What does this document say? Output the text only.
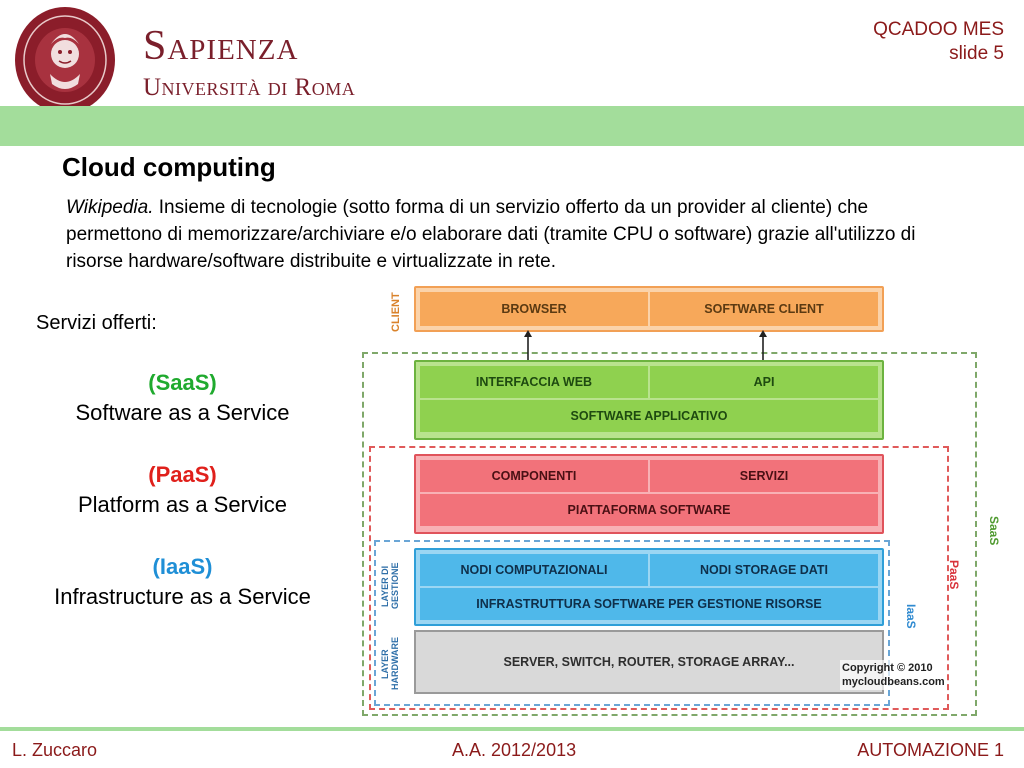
Sapienza
Università di Roma
QCADOO MES
slide 5
Cloud computing
Wikipedia. Insieme di tecnologie (sotto forma di un servizio offerto da un provider al cliente) che permettono di memorizzare/archiviare e/o elaborare dati (tramite CPU o software) grazie all'utilizzo di risorse hardware/software distribuite e virtualizzate in rete.
Servizi offerti:
(SaaS)
Software as a Service
(PaaS)
Platform as a Service
(IaaS)
Infrastructure as a Service
CLIENT	BROWSER	SOFTWARE CLIENT
INTERFACCIA WEB	API
SOFTWARE APPLICATIVO
COMPONENTI	SERVIZI
PIATTAFORMA SOFTWARE
LAYER DI GESTIONE	NODI COMPUTAZIONALI	NODI STORAGE DATI
INFRASTRUTTURA SOFTWARE PER GESTIONE RISORSE
LAYER HARDWARE	SERVER, SWITCH, ROUTER, STORAGE ARRAY...	Copyright © 2010
mycloudbeans.com
SaaS
PaaS
IaaS
L. Zuccaro	A.A. 2012/2013	AUTOMAZIONE 1
